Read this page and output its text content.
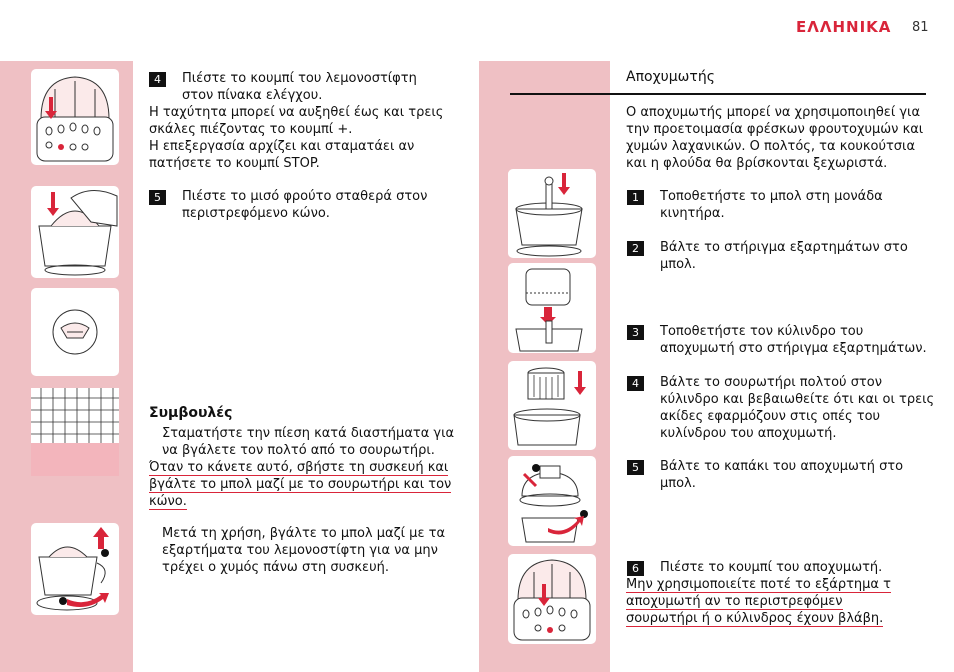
ΕΛΛΗΝΙΚΑ 81
4	Πιέστε το κουμπί του λεμονοστίφτη
στον πίνακα ελέγχου.
Η ταχύτητα μπορεί να αυξηθεί έως και τρεις
σκάλες πιέζοντας το κουμπί +.
Η επεξεργασία αρχίζει και σταματάει αν
πατήσετε το κουμπί STOP.
5	Πιέστε το μισό φρούτο σταθερά στον
περιστρεφόμενο κώνο.
Συμβουλές
Σταματήστε την πίεση κατά διαστήματα για
να βγάλετε τον πολτό από το σουρωτήρι.
Όταν το κάνετε αυτό, σβήστε τη συσκευή και
βγάλτε το μπολ μαζί με το σουρωτήρι και τον
κώνο.
Μετά τη χρήση, βγάλτε το μπολ μαζί με τα
εξαρτήματα του λεμονοστίφτη για να μην
τρέχει ο χυμός πάνω στη συσκευή.
Αποχυμωτής
Ο αποχυμωτής μπορεί να χρησιμοποιηθεί για
την προετοιμασία φρέσκων φρουτοχυμών και
χυμών λαχανικών. Ο πολτός, τα κουκούτσια
και η φλούδα θα βρίσκονται ξεχωριστά.
1	Τοποθετήστε το μπολ στη μονάδα
κινητήρα.
2	Βάλτε το στήριγμα εξαρτημάτων στο
μπολ.
3	Τοποθετήστε τον κύλινδρο του
αποχυμωτή στο στήριγμα εξαρτημάτων.
4	Βάλτε το σουρωτήρι πολτού στον
κύλινδρο και βεβαιωθείτε ότι και οι τρεις
ακίδες εφαρμόζουν στις οπές του
κυλίνδρου του αποχυμωτή.
5	Βάλτε το καπάκι του αποχυμωτή στο
μπολ.
6	Πιέστε το κουμπί του αποχυμωτή.
Μην χρησιμοποιείτε ποτέ το εξάρτημα τ
αποχυμωτή αν το περιστρεφόμεν
σουρωτήρι ή ο κύλινδρος έχουν βλάβη.
